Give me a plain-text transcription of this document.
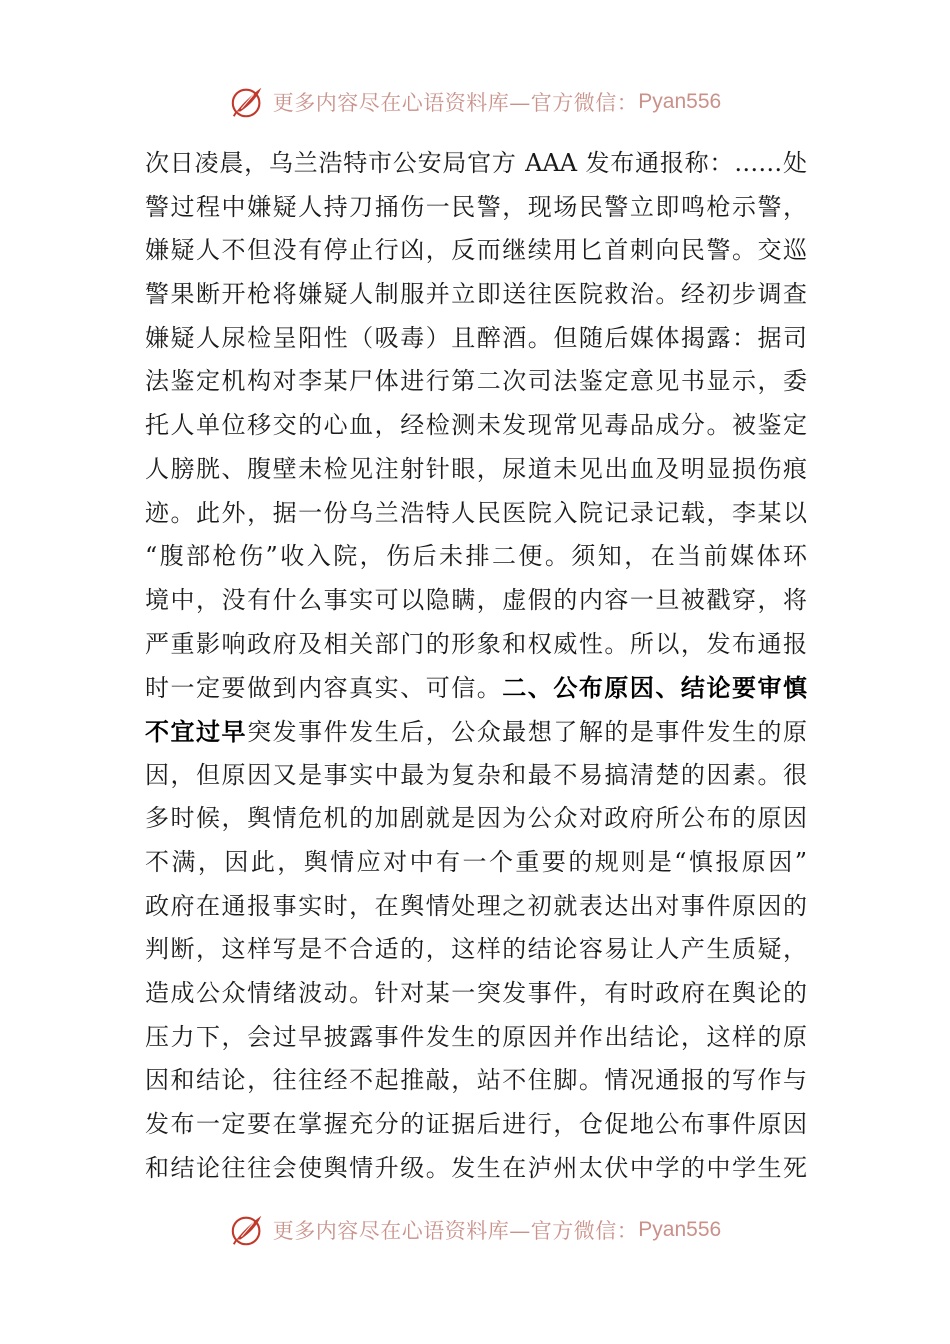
更多内容尽在心语资料库—官方微信： Pyan556
次日凌晨，乌兰浩特市公安局官方 AAA 发布通报称：……处
警过程中嫌疑人持刀捅伤一民警，现场民警立即鸣枪示警，
嫌疑人不但没有停止行凶，反而继续用匕首刺向民警。交巡
警果断开枪将嫌疑人制服并立即送往医院救治。经初步调查
嫌疑人尿检呈阳性（吸毒）且醉酒。但随后媒体揭露：据司
法鉴定机构对李某尸体进行第二次司法鉴定意见书显示，委
托人单位移交的心血，经检测未发现常见毒品成分。被鉴定
人膀胱、腹壁未检见注射针眼，尿道未见出血及明显损伤痕
迹。此外，据一份乌兰浩特人民医院入院记录记载，李某以
“腹部枪伤”收入院，伤后未排二便。须知，在当前媒体环
境中，没有什么事实可以隐瞒，虚假的内容一旦被戳穿，将
严重影响政府及相关部门的形象和权威性。所以，发布通报
时一定要做到内容真实、可信。二、公布原因、结论要审慎
不宜过早突发事件发生后，公众最想了解的是事件发生的原
因，但原因又是事实中最为复杂和最不易搞清楚的因素。很
多时候，舆情危机的加剧就是因为公众对政府所公布的原因
不满，因此，舆情应对中有一个重要的规则是“慎报原因”
政府在通报事实时，在舆情处理之初就表达出对事件原因的
判断，这样写是不合适的，这样的结论容易让人产生质疑，
造成公众情绪波动。针对某一突发事件，有时政府在舆论的
压力下，会过早披露事件发生的原因并作出结论，这样的原
因和结论，往往经不起推敲，站不住脚。情况通报的写作与
发布一定要在掌握充分的证据后进行，仓促地公布事件原因
和结论往往会使舆情升级。发生在泸州太伏中学的中学生死
更多内容尽在心语资料库—官方微信： Pyan556
